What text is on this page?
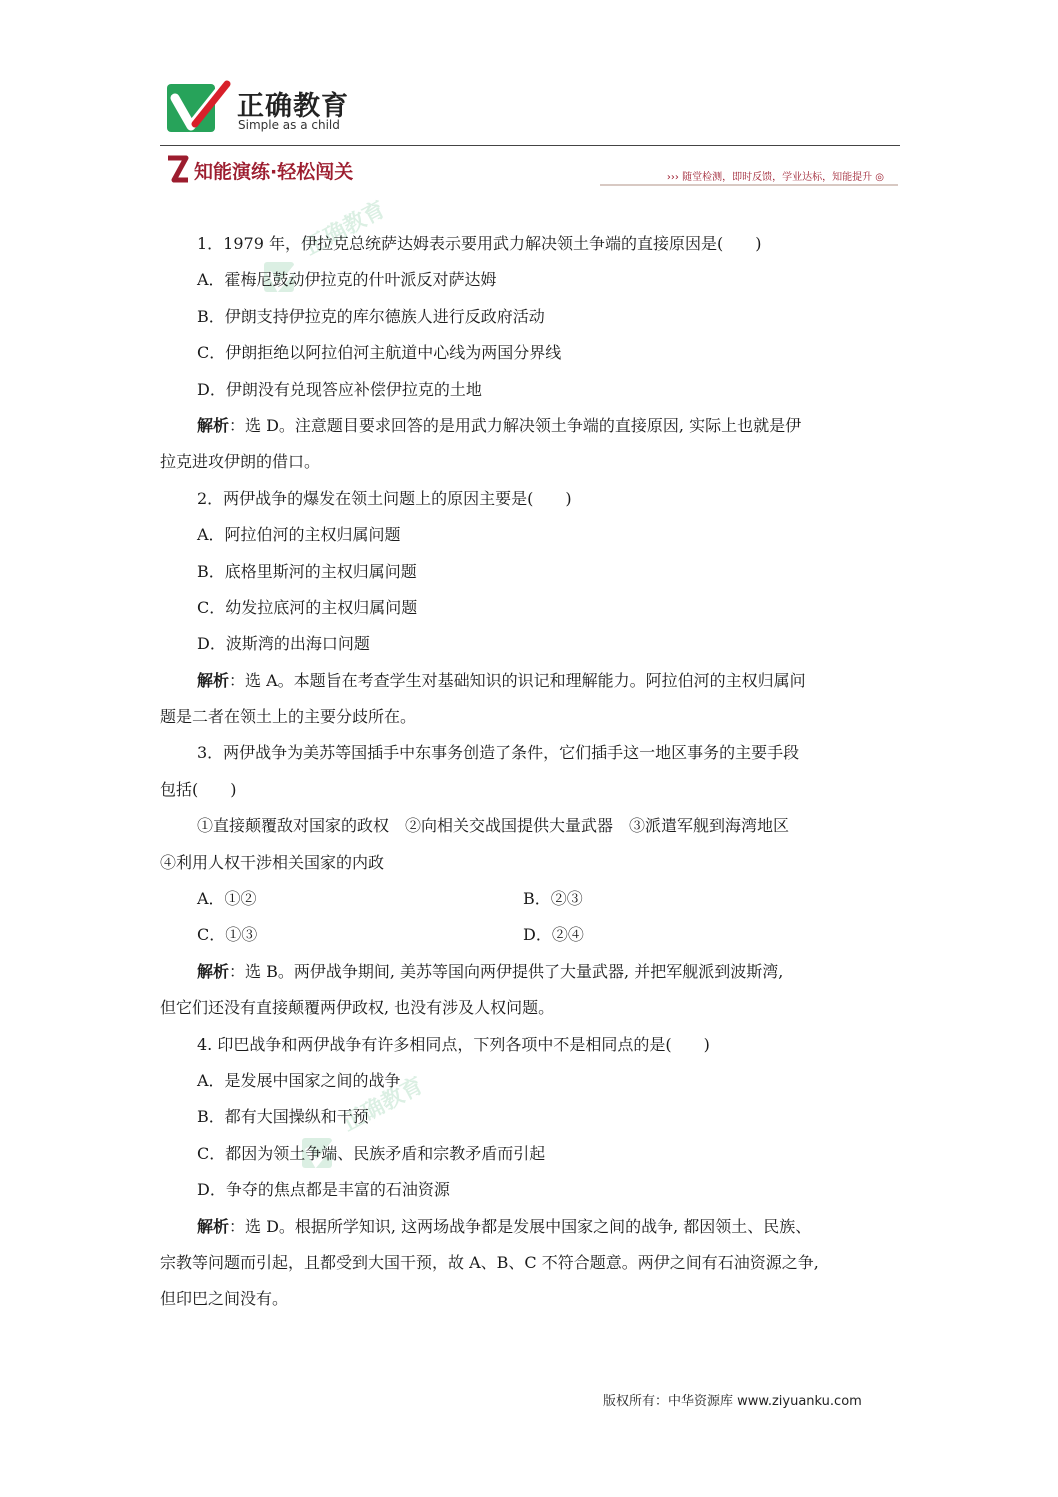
正确教育
Simple as a child
知能演练·轻松闯关	››› 随堂检测，即时反馈，学业达标，知能提升 ◎
正确教育
正确教育

1．1979 年，伊拉克总统萨达姆表示要用武力解决领土争端的直接原因是(　　)

A．霍梅尼鼓动伊拉克的什叶派反对萨达姆

B．伊朗支持伊拉克的库尔德族人进行反政府活动

C．伊朗拒绝以阿拉伯河主航道中心线为两国分界线

D．伊朗没有兑现答应补偿伊拉克的土地

解析：选 D。注意题目要求回答的是用武力解决领土争端的直接原因, 实际上也就是伊

拉克进攻伊朗的借口。

2．两伊战争的爆发在领土问题上的原因主要是(　　)

A．阿拉伯河的主权归属问题

B．底格里斯河的主权归属问题

C．幼发拉底河的主权归属问题

D．波斯湾的出海口问题

解析：选 A。本题旨在考查学生对基础知识的识记和理解能力。阿拉伯河的主权归属问

题是二者在领土上的主要分歧所在。

3．两伊战争为美苏等国插手中东事务创造了条件，它们插手这一地区事务的主要手段

包括(　　)

①直接颠覆敌对国家的政权　②向相关交战国提供大量武器　③派遣军舰到海湾地区

④利用人权干涉相关国家的内政

A．①②	B．②③
C．①③	D．②④

解析：选 B。两伊战争期间, 美苏等国向两伊提供了大量武器, 并把军舰派到波斯湾,

但它们还没有直接颠覆两伊政权, 也没有涉及人权问题。

4. 印巴战争和两伊战争有许多相同点，下列各项中不是相同点的是(　　)

A．是发展中国家之间的战争

B．都有大国操纵和干预

C．都因为领土争端、民族矛盾和宗教矛盾而引起

D．争夺的焦点都是丰富的石油资源

解析：选 D。根据所学知识, 这两场战争都是发展中国家之间的战争, 都因领土、民族、

宗教等问题而引起，且都受到大国干预，故 A、B、C 不符合题意。两伊之间有石油资源之争,

但印巴之间没有。

版权所有：中华资源库 www.ziyuanku.com
